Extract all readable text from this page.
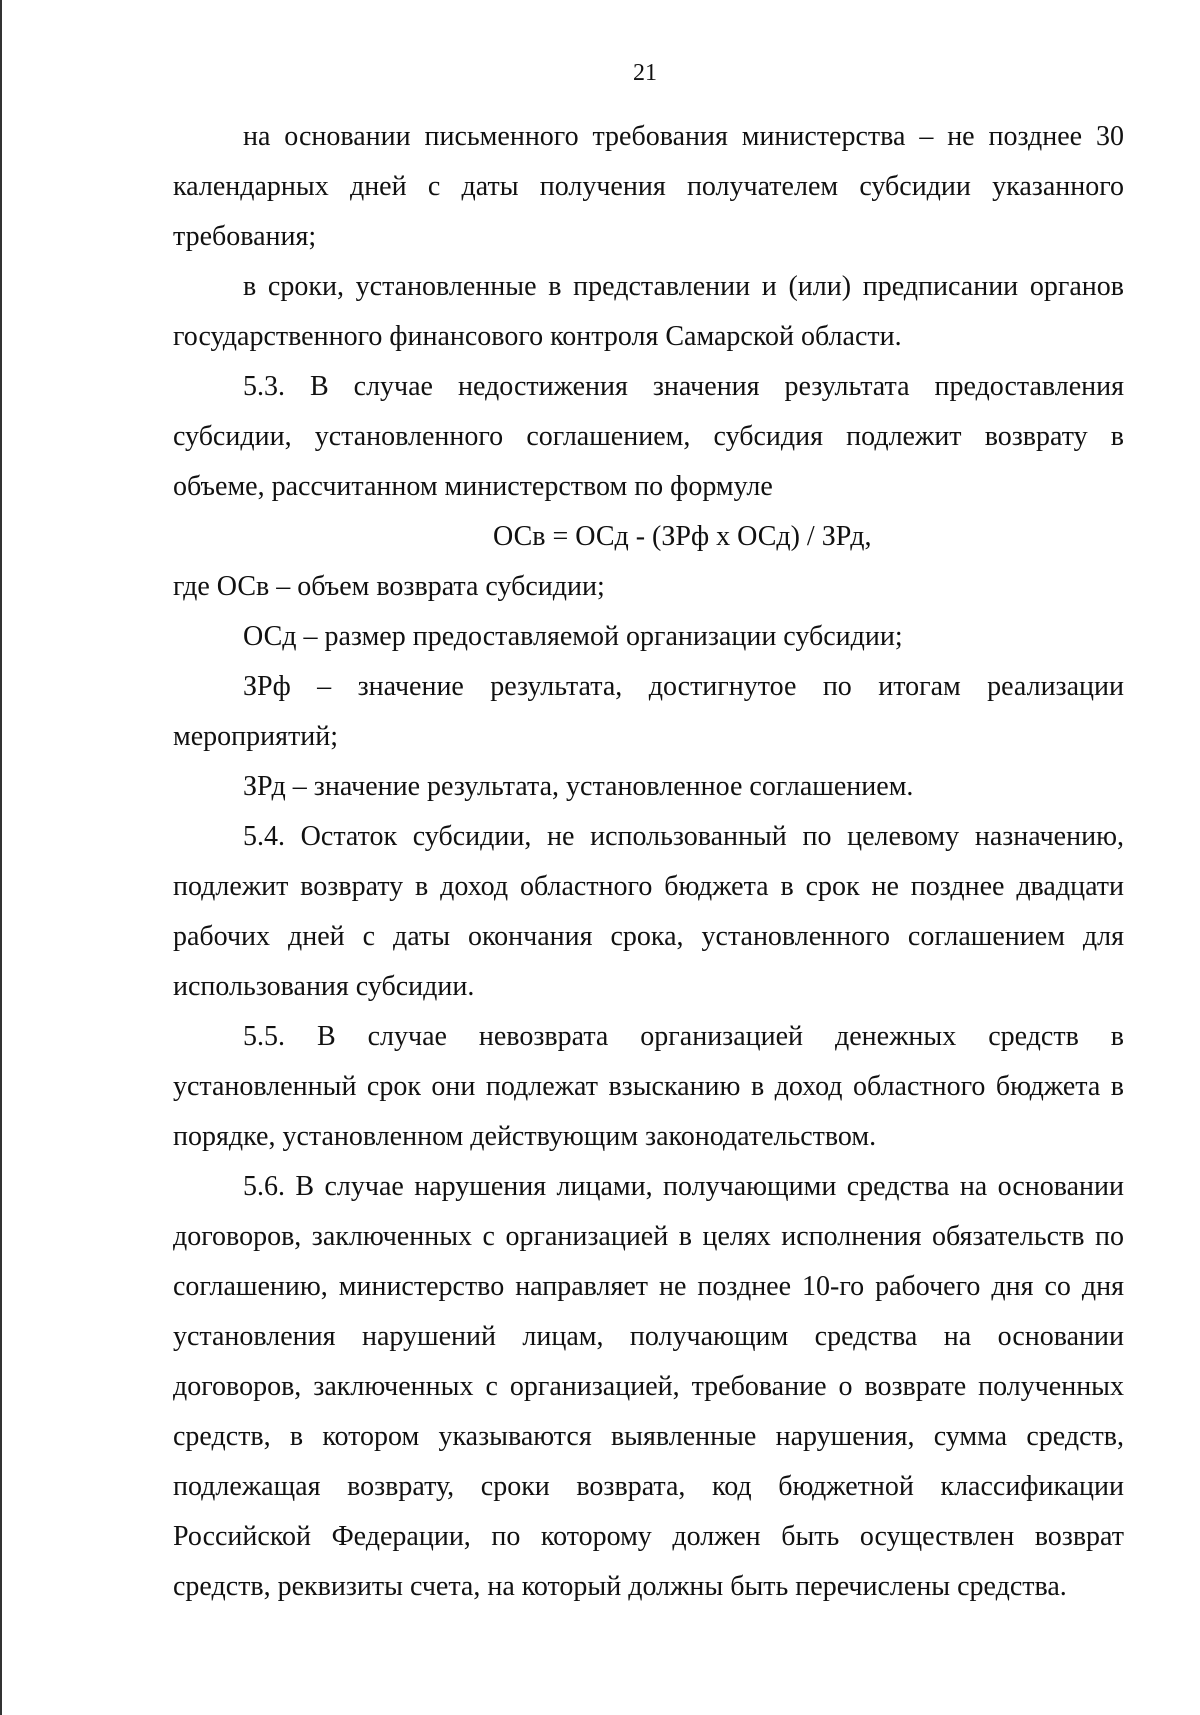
21

на основании письменного требования министерства – не позднее 30 календарных дней с даты получения получателем субсидии указанного требования;

в сроки, установленные в представлении и (или) предписании органов государственного финансового контроля Самарской области.

5.3. В случае недостижения значения результата предоставления субсидии, установленного соглашением, субсидия подлежит возврату в объеме, рассчитанном министерством по формуле

ОСв = ОСд - (ЗРф х ОСд) / ЗРд,

где ОСв – объем возврата субсидии;

ОСд – размер предоставляемой организации субсидии;

ЗРф – значение результата, достигнутое по итогам реализации мероприятий;

ЗРд – значение результата, установленное соглашением.

5.4. Остаток субсидии, не использованный по целевому назначению, подлежит возврату в доход областного бюджета в срок не позднее двадцати рабочих дней с даты окончания срока, установленного соглашением для использования субсидии.

5.5. В случае невозврата организацией денежных средств в установленный срок они подлежат взысканию в доход областного бюджета в порядке, установленном действующим законодательством.

5.6. В случае нарушения лицами, получающими средства на основании договоров, заключенных с организацией в целях исполнения обязательств по соглашению, министерство направляет не позднее 10-го рабочего дня со дня установления нарушений лицам, получающим средства на основании договоров, заключенных с организацией, требование о возврате полученных средств, в котором указываются выявленные нарушения, сумма средств, подлежащая возврату, сроки возврата, код бюджетной классификации Российской Федерации, по которому должен быть осуществлен возврат средств, реквизиты счета, на который должны быть перечислены средства.
